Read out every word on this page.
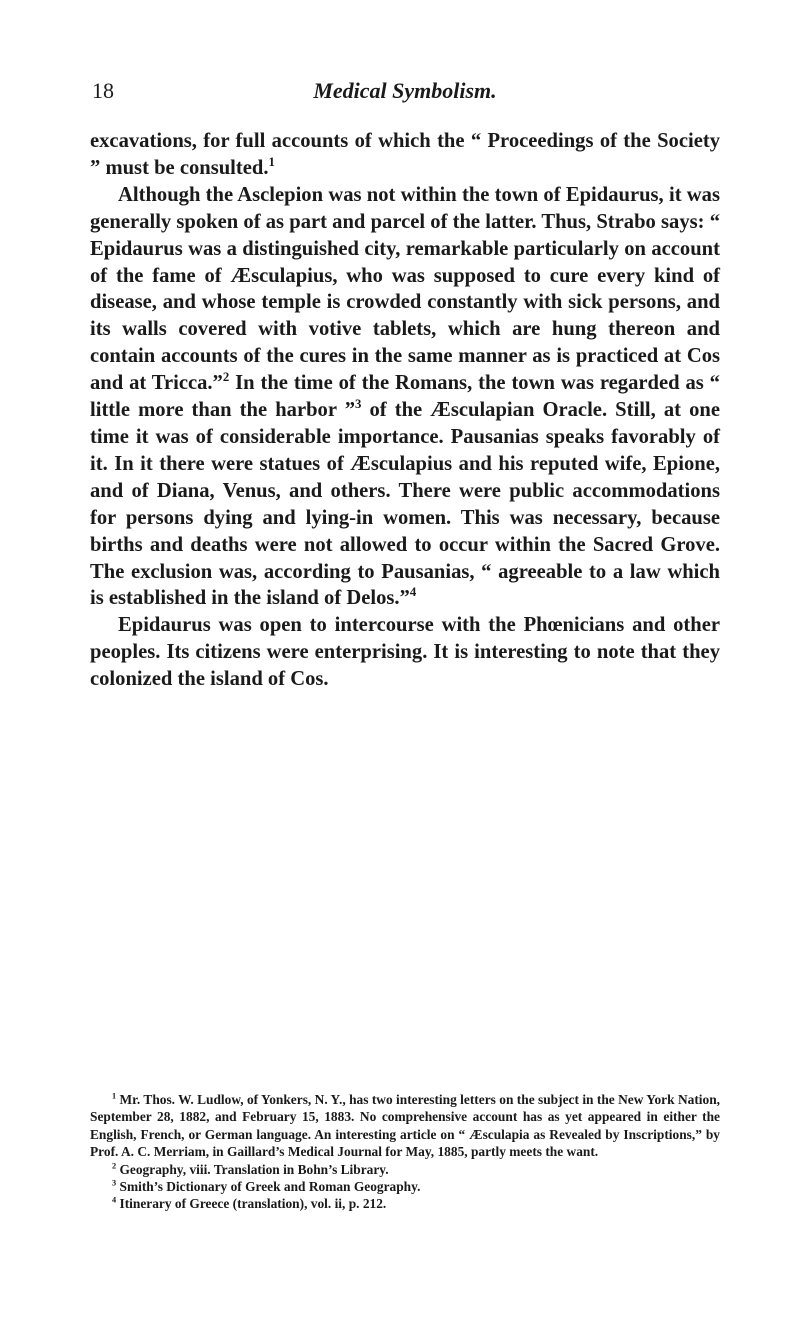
18	Medical Symbolism.

excavations, for full accounts of which the “ Proceedings of the Society ” must be consulted.$^1$

Although the Asclepion was not within the town of Epidaurus, it was generally spoken of as part and parcel of the latter. Thus, Strabo says: “ Epidaurus was a distinguished city, remarkable particularly on account of the fame of Æsculapius, who was supposed to cure every kind of disease, and whose temple is crowded constantly with sick persons, and its walls covered with votive tablets, which are hung thereon and contain accounts of the cures in the same manner as is practiced at Cos and at Tricca.”$^2$ In the time of the Romans, the town was regarded as “ little more than the harbor ”$^3$ of the Æsculapian Oracle. Still, at one time it was of considerable importance. Pausanias speaks favorably of it. In it there were statues of Æsculapius and his reputed wife, Epione, and of Diana, Venus, and others. There were public accommodations for persons dying and lying-in women. This was necessary, because births and deaths were not allowed to occur within the Sacred Grove. The exclusion was, according to Pausanias, “ agreeable to a law which is established in the island of Delos.”$^4$

Epidaurus was open to intercourse with the Phœnicians and other peoples. Its citizens were enterprising. It is interesting to note that they colonized the island of Cos.

$^1$ Mr. Thos. W. Ludlow, of Yonkers, N. Y., has two interesting letters on the subject in the New York Nation, September 28, 1882, and February 15, 1883. No comprehensive account has as yet appeared in either the English, French, or German language. An interesting article on “ Æsculapia as Revealed by Inscriptions,” by Prof. A. C. Merriam, in Gaillard’s Medical Journal for May, 1885, partly meets the want.

$^2$ Geography, viii. Translation in Bohn’s Library.

$^3$ Smith’s Dictionary of Greek and Roman Geography.

$^4$ Itinerary of Greece (translation), vol. ii, p. 212.
